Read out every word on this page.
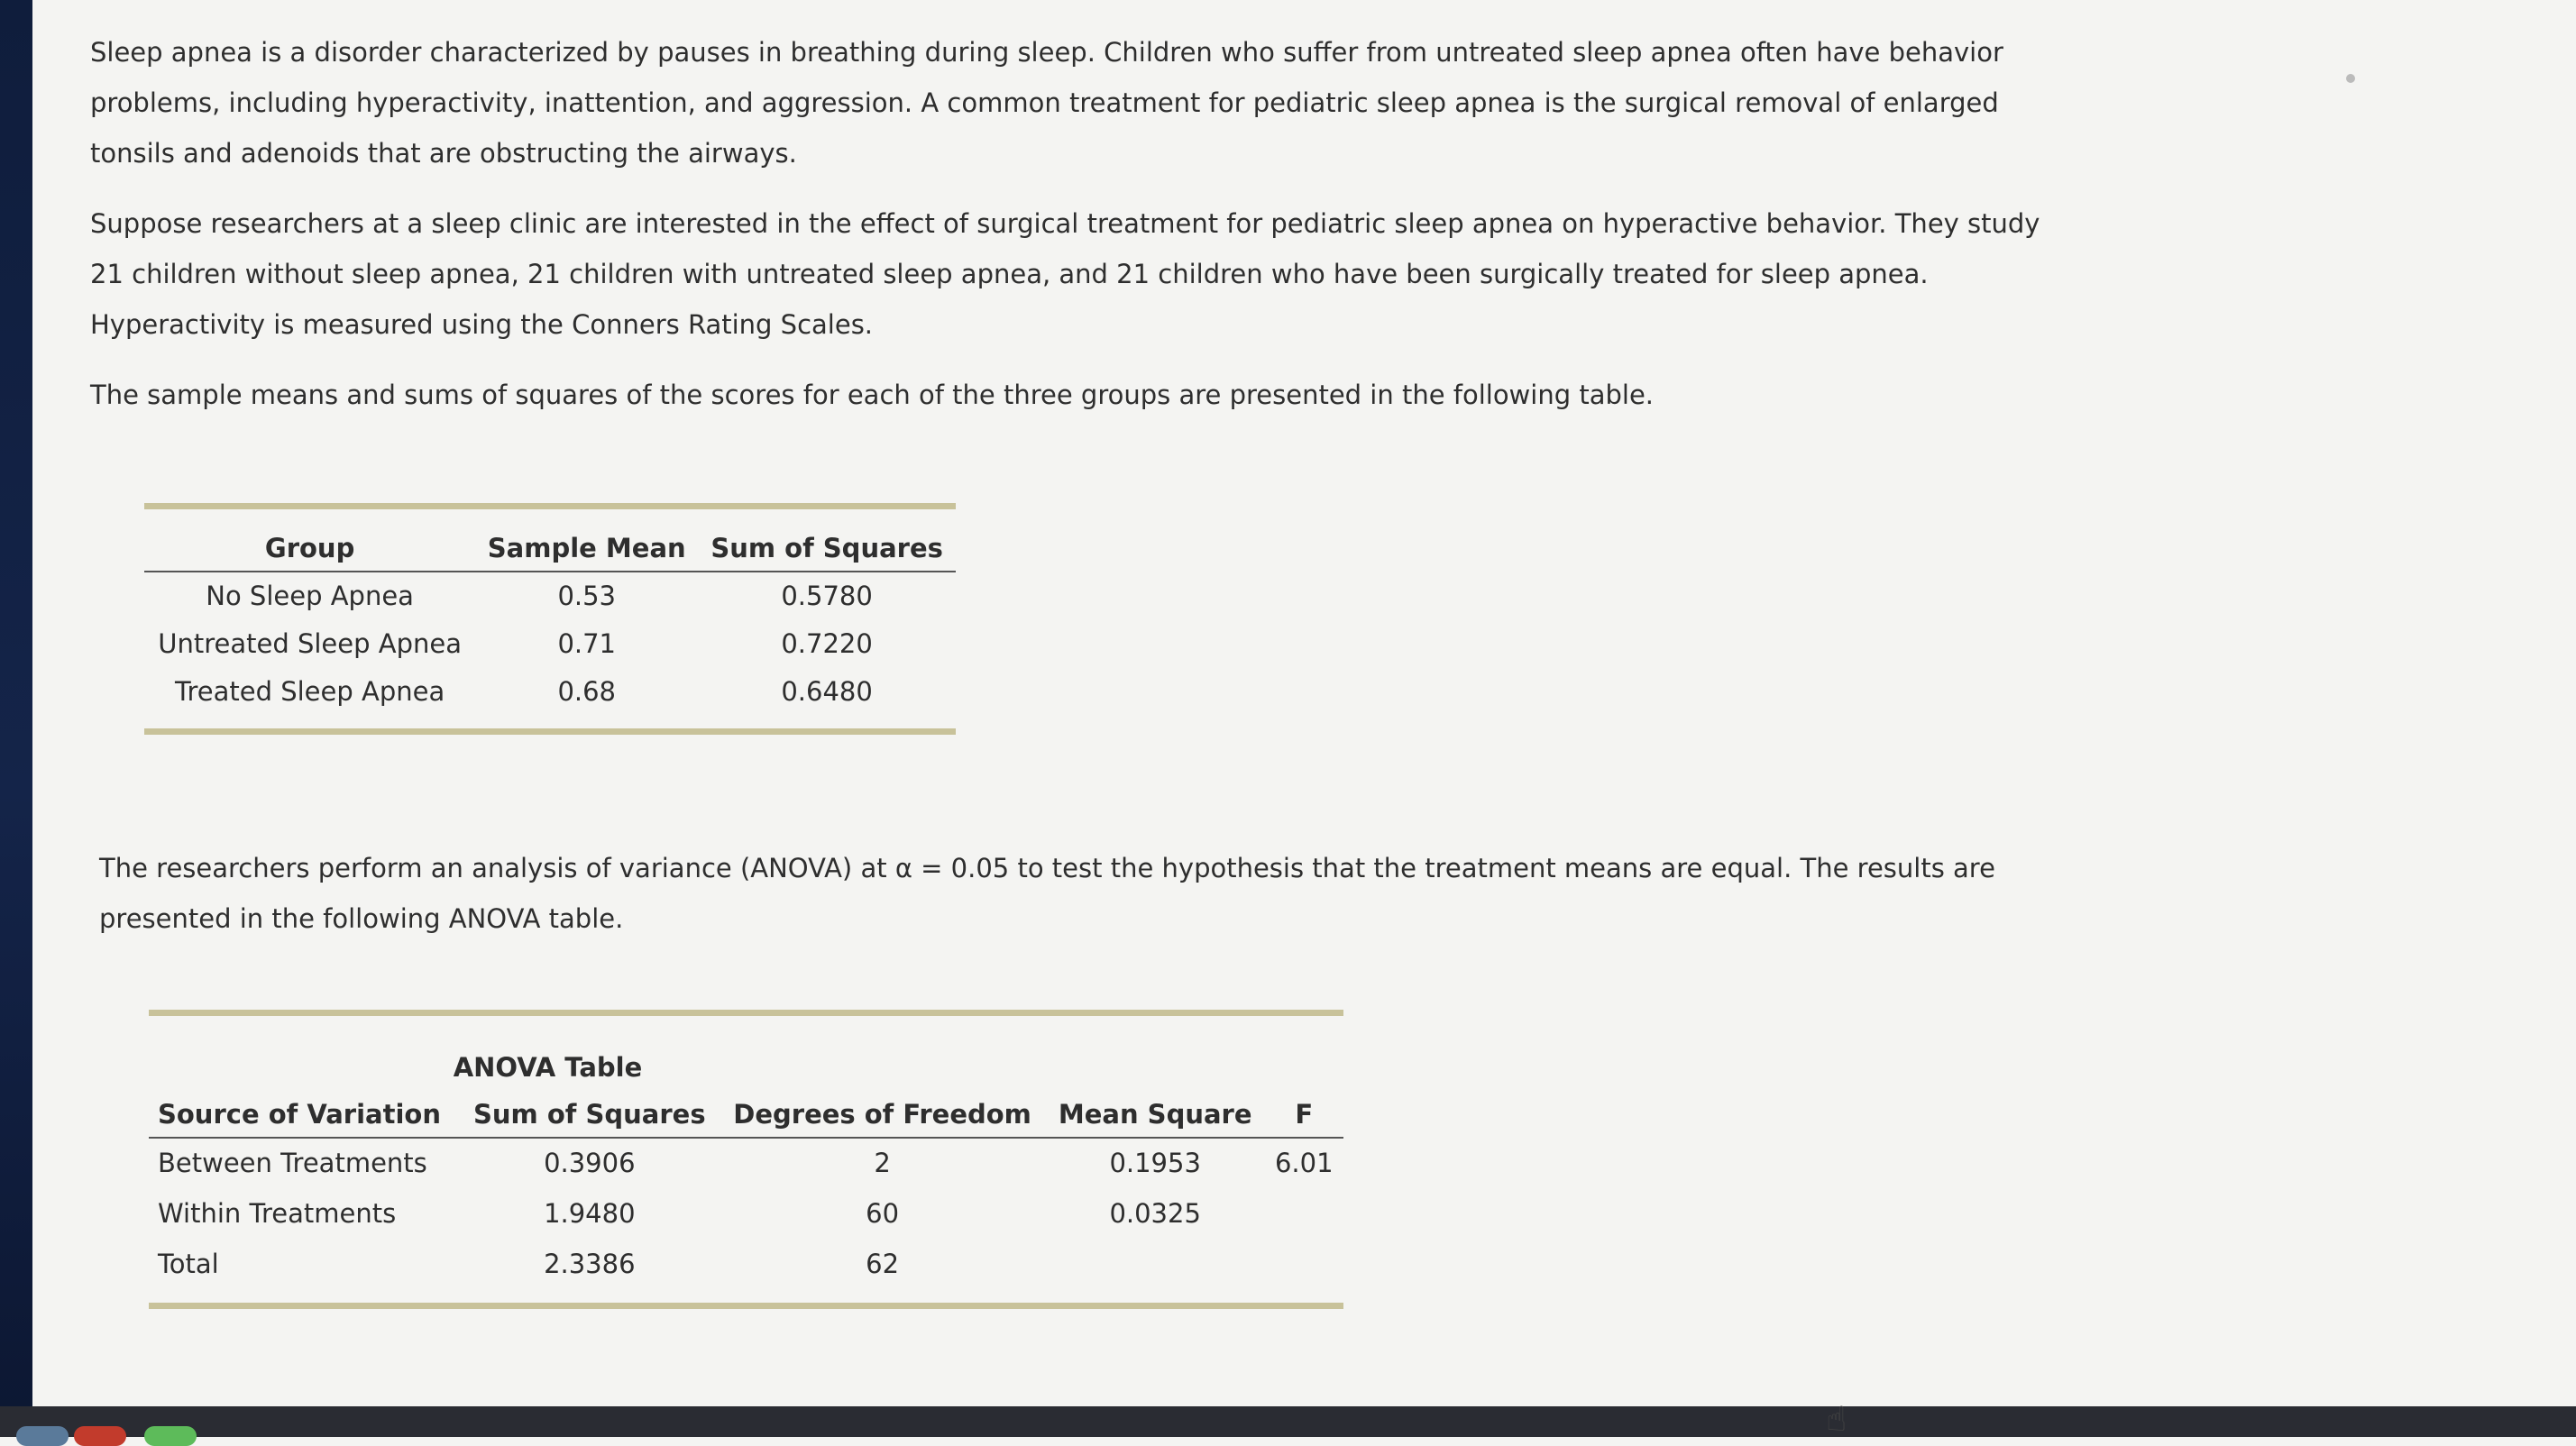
Sleep apnea is a disorder characterized by pauses in breathing during sleep. Children who suffer from untreated sleep apnea often have behavior problems, including hyperactivity, inattention, and aggression. A common treatment for pediatric sleep apnea is the surgical removal of enlarged tonsils and adenoids that are obstructing the airways.

Suppose researchers at a sleep clinic are interested in the effect of surgical treatment for pediatric sleep apnea on hyperactive behavior. They study 21 children without sleep apnea, 21 children with untreated sleep apnea, and 21 children who have been surgically treated for sleep apnea. Hyperactivity is measured using the Conners Rating Scales.

The sample means and sums of squares of the scores for each of the three groups are presented in the following table.

Group	Sample Mean	Sum of Squares
No Sleep Apnea	0.53	0.5780
Untreated Sleep Apnea	0.71	0.7220
Treated Sleep Apnea	0.68	0.6480

The researchers perform an analysis of variance (ANOVA) at α = 0.05 to test the hypothesis that the treatment means are equal. The results are presented in the following ANOVA table.

ANOVA Table
Source of Variation	Sum of Squares	Degrees of Freedom	Mean Square	F
Between Treatments	0.3906	2	0.1953	6.01
Within Treatments	1.9480	60	0.0325	
Total	2.3386	62		
☝
